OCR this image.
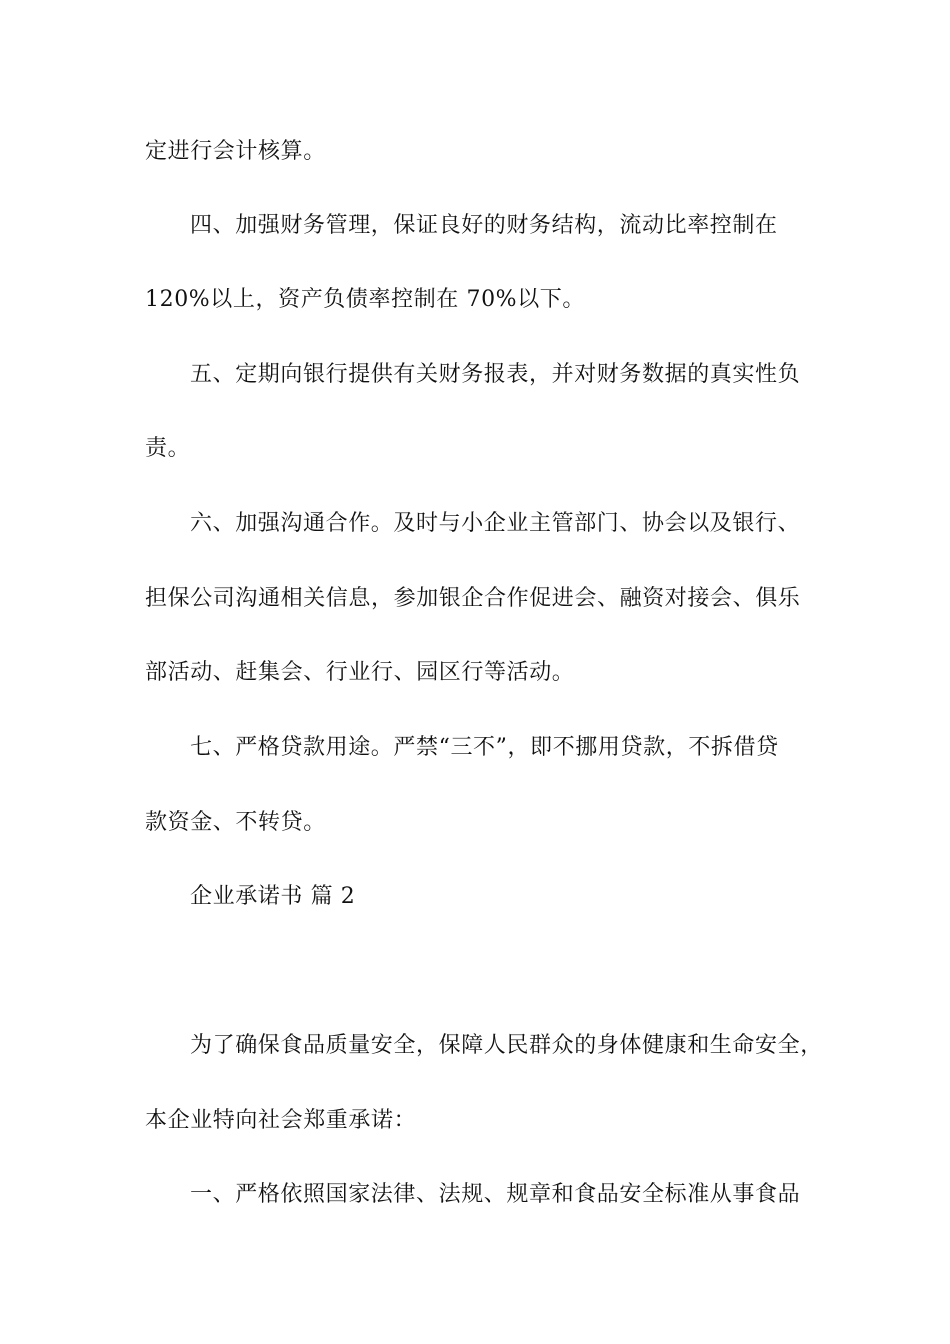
定进行会计核算。
四、加强财务管理，保证良好的财务结构，流动比率控制在
120%以上，资产负债率控制在 70%以下。
五、定期向银行提供有关财务报表，并对财务数据的真实性负
责。
六、加强沟通合作。及时与小企业主管部门、协会以及银行、
担保公司沟通相关信息，参加银企合作促进会、融资对接会、俱乐
部活动、赶集会、行业行、园区行等活动。
七、严格贷款用途。严禁“三不”，即不挪用贷款，不拆借贷
款资金、不转贷。
企业承诺书 篇 2
为了确保食品质量安全，保障人民群众的身体健康和生命安全，
本企业特向社会郑重承诺：
一、严格依照国家法律、法规、规章和食品安全标准从事食品
